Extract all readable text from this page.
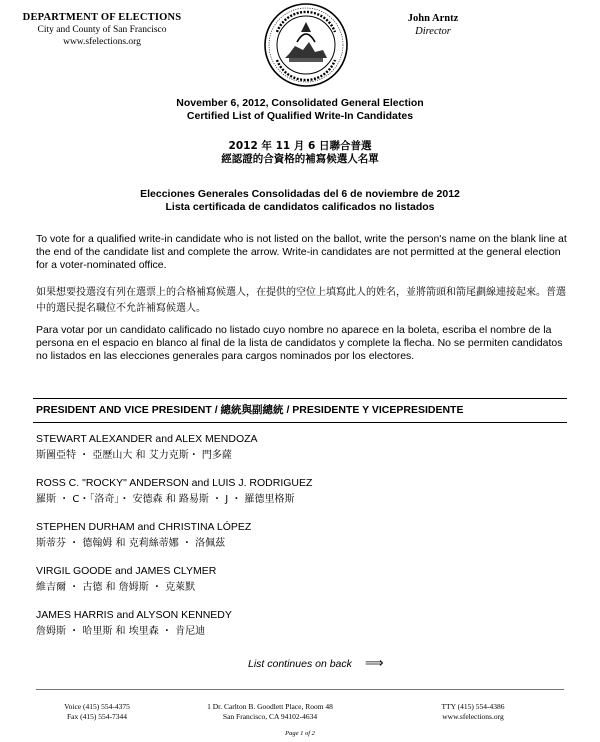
DEPARTMENT OF ELECTIONS
City and County of San Francisco
www.sfelections.org
John Arntz
Director
November 6, 2012, Consolidated General Election
Certified List of Qualified Write-In Candidates
2012 年 11 月 6 日聯合普選
經認證的合資格的補寫候選人名單
Elecciones Generales Consolidadas del 6 de noviembre de 2012
Lista certificada de candidatos calificados no listados
To vote for a qualified write-in candidate who is not listed on the ballot, write the person's name on the blank line at the end of the candidate list and complete the arrow. Write-in candidates are not permitted at the general election for a voter-nominated office.
如果想要投選沒有列在選票上的合格補寫候選人，在提供的空位上填寫此人的姓名，並將箭頭和箭尾劃線連接起來。普選中的選民提名職位不允許補寫候選人。
Para votar por un candidato calificado no listado cuyo nombre no aparece en la boleta, escriba el nombre de la persona en el espacio en blanco al final de la lista de candidatos y complete la flecha. No se permiten candidatos no listados en las elecciones generales para cargos nominados por los electores.
PRESIDENT AND VICE PRESIDENT / 總統與副總統 / PRESIDENTE Y VICEPRESIDENTE
STEWART ALEXANDER and ALEX MENDOZA
斯圖亞特 ・ 亞歷山大 和 艾力克斯・ 門多薩
ROSS C. "ROCKY" ANDERSON and LUIS J. RODRIGUEZ
羅斯 ・ C・「洛奇」・ 安德森 和 路易斯 ・ J ・ 羅德里格斯
STEPHEN DURHAM and CHRISTINA LÓPEZ
斯蒂芬 ・ 德翰姆 和 克莉絲蒂娜 ・ 洛佩茲
VIRGIL GOODE and JAMES CLYMER
維吉爾 ・ 古德 和 詹姆斯 ・ 克萊默
JAMES HARRIS and ALYSON KENNEDY
詹姆斯 ・ 哈里斯 和 埃里森 ・ 肯尼迪
List continues on back ⟹
Voice (415) 554-4375
Fax (415) 554-7344
1 Dr. Carlton B. Goodlett Place, Room 48
San Francisco, CA 94102-4634
TTY (415) 554-4386
www.sfelections.org
Page 1 of 2
